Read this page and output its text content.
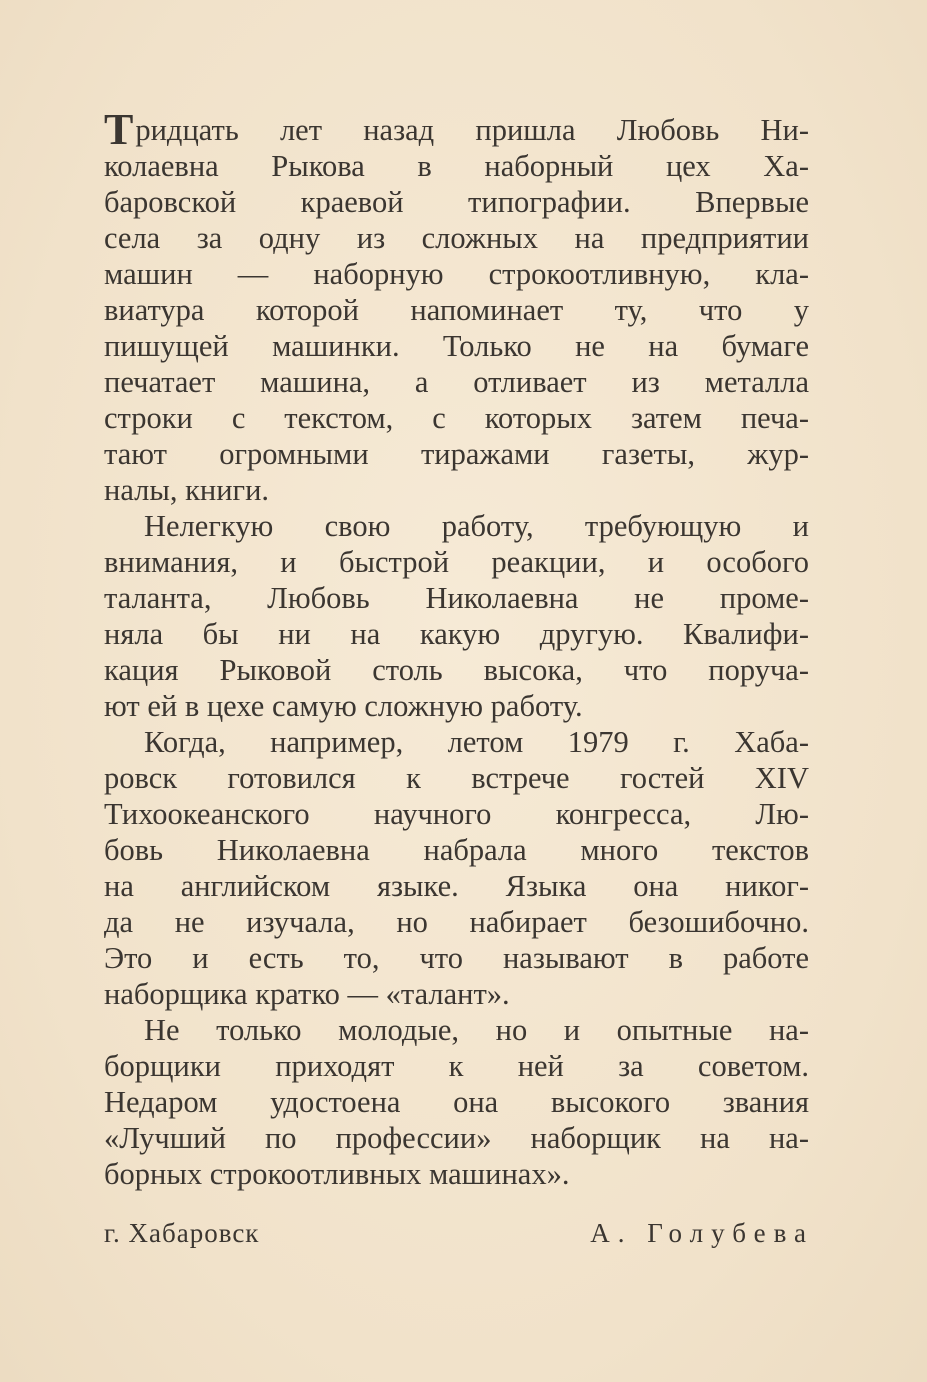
Тридцать лет назад пришла Любовь Ни-
колаевна Рыкова в наборный цех Ха-
баровской краевой типографии. Впервые
села за одну из сложных на предприятии
машин — наборную строкоотливную, кла-
виатура которой напоминает ту, что у
пишущей машинки. Только не на бумаге
печатает машина, а отливает из металла
строки с текстом, с которых затем печа-
тают огромными тиражами газеты, жур-
налы, книги.
Нелегкую свою работу, требующую и
внимания, и быстрой реакции, и особого
таланта, Любовь Николаевна не проме-
няла бы ни на какую другую. Квалифи-
кация Рыковой столь высока, что поруча-
ют ей в цехе самую сложную работу.
Когда, например, летом 1979 г. Хаба-
ровск готовился к встрече гостей XIV
Тихоокеанского научного конгресса, Лю-
бовь Николаевна набрала много текстов
на английском языке. Языка она никог-
да не изучала, но набирает безошибочно.
Это и есть то, что называют в работе
наборщика кратко — «талант».
Не только молодые, но и опытные на-
борщики приходят к ней за советом.
Недаром удостоена она высокого звания
«Лучший по профессии» наборщик на на-
борных строкоотливных машинах».
г. Хабаровск	А. Голубева
